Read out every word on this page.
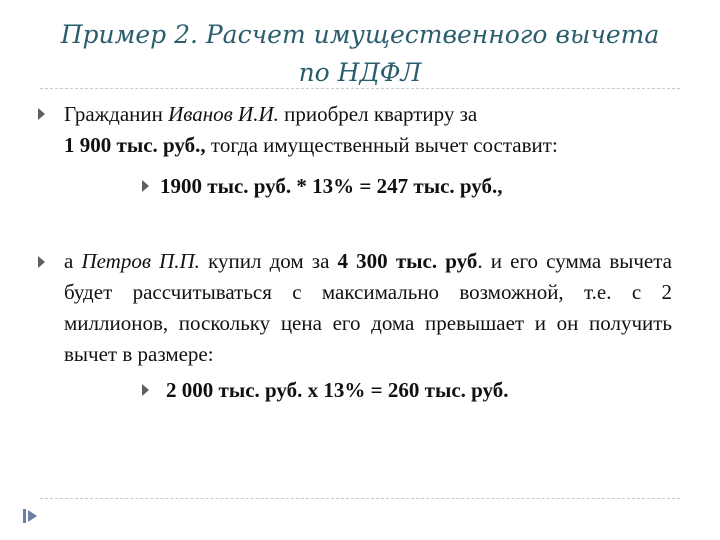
Пример 2. Расчет имущественного вычета
по НДФЛ
Гражданин Иванов И.И. приобрел квартиру за
1 900 тыс. руб., тогда имущественный вычет составит:
1900 тыс. руб. * 13% = 247 тыс. руб.,
а Петров П.П. купил дом за 4 300 тыс. руб. и его сумма вычета будет рассчитываться с максимально возможной, т.е. с 2 миллионов, поскольку цена его дома превышает и он получить вычет в размере:
2 000 тыс. руб. х 13% = 260 тыс. руб.
